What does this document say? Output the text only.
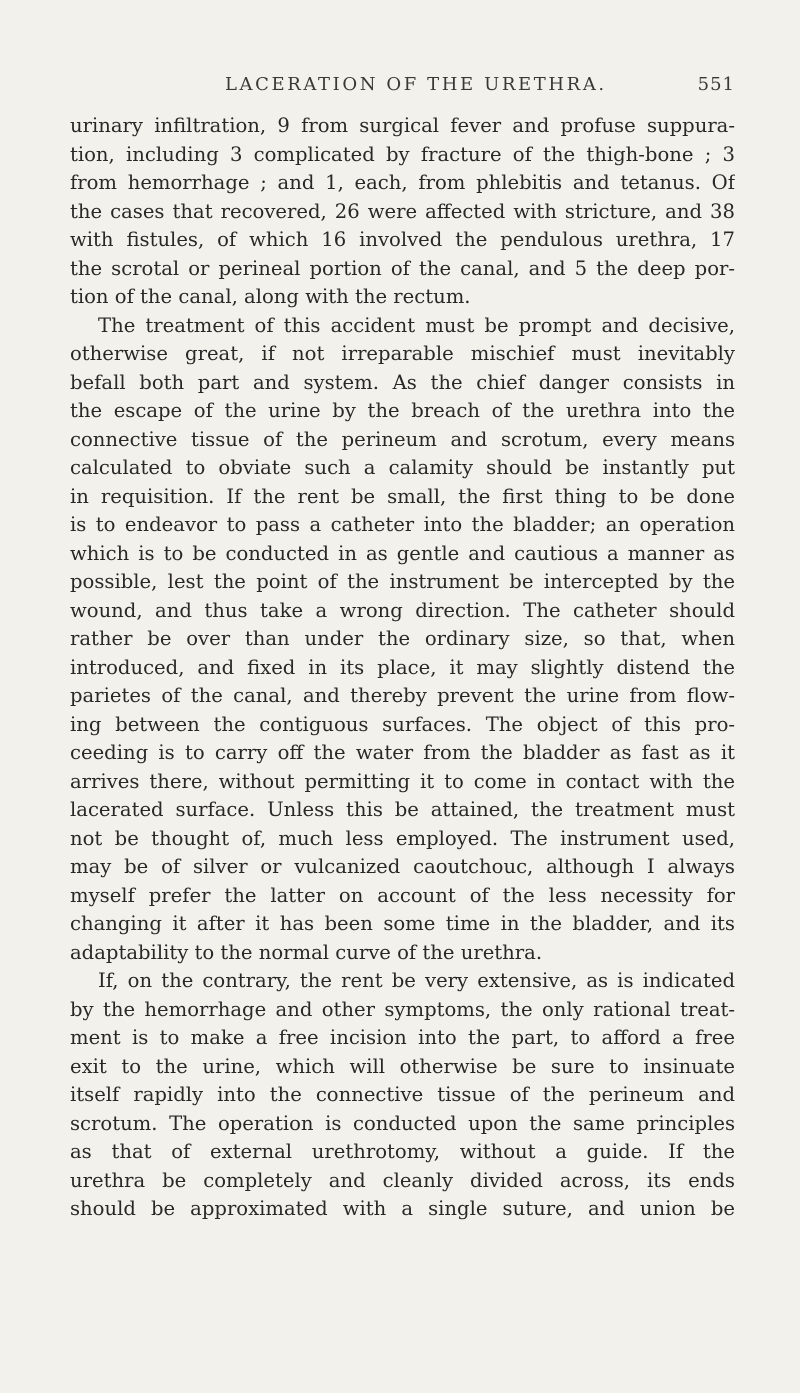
LACERATION OF THE URETHRA.	551
urinary infiltration, 9 from surgical fever and profuse suppura-
tion, including 3 complicated by fracture of the thigh-bone ; 3
from hemorrhage ; and 1, each, from phlebitis and tetanus. Of
the cases that recovered, 26 were affected with stricture, and 38
with fistules, of which 16 involved the pendulous urethra, 17
the scrotal or perineal portion of the canal, and 5 the deep por-
tion of the canal, along with the rectum.
The treatment of this accident must be prompt and decisive,
otherwise great, if not irreparable mischief must inevitably
befall both part and system. As the chief danger consists in
the escape of the urine by the breach of the urethra into the
connective tissue of the perineum and scrotum, every means
calculated to obviate such a calamity should be instantly put
in requisition. If the rent be small, the first thing to be done
is to endeavor to pass a catheter into the bladder; an operation
which is to be conducted in as gentle and cautious a manner as
possible, lest the point of the instrument be intercepted by the
wound, and thus take a wrong direction. The catheter should
rather be over than under the ordinary size, so that, when
introduced, and fixed in its place, it may slightly distend the
parietes of the canal, and thereby prevent the urine from flow-
ing between the contiguous surfaces. The object of this pro-
ceeding is to carry off the water from the bladder as fast as it
arrives there, without permitting it to come in contact with the
lacerated surface. Unless this be attained, the treatment must
not be thought of, much less employed. The instrument used,
may be of silver or vulcanized caoutchouc, although I always
myself prefer the latter on account of the less necessity for
changing it after it has been some time in the bladder, and its
adaptability to the normal curve of the urethra.
If, on the contrary, the rent be very extensive, as is indicated
by the hemorrhage and other symptoms, the only rational treat-
ment is to make a free incision into the part, to afford a free
exit to the urine, which will otherwise be sure to insinuate
itself rapidly into the connective tissue of the perineum and
scrotum. The operation is conducted upon the same principles
as that of external urethrotomy, without a guide. If the
urethra be completely and cleanly divided across, its ends
should be approximated with a single suture, and union be
